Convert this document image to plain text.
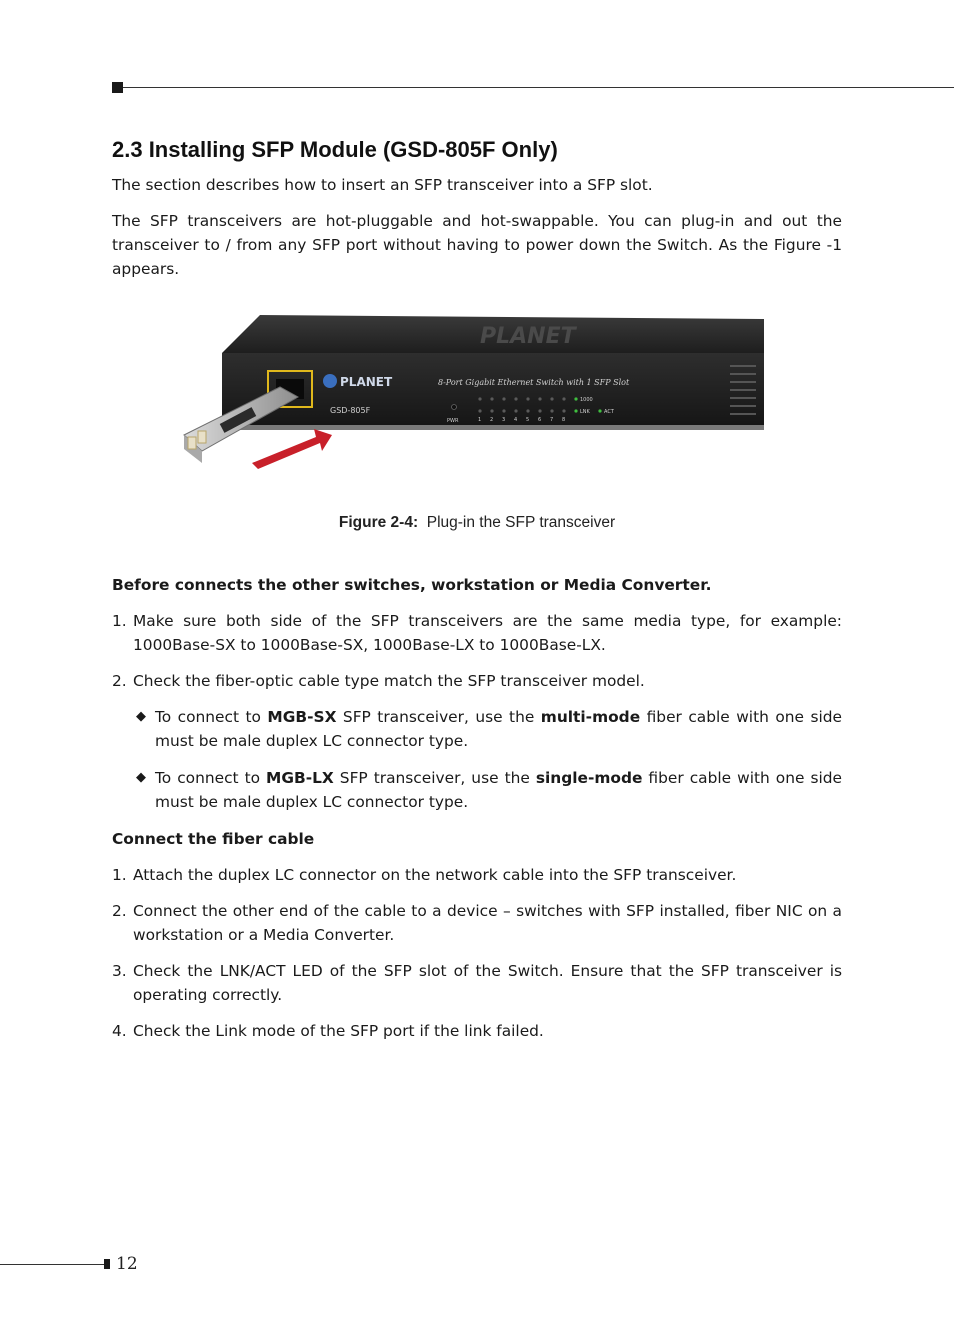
2.3 Installing SFP Module (GSD-805F Only)

The section describes how to insert an SFP transceiver into a SFP slot.

The SFP transceivers are hot-pluggable and hot-swappable. You can plug-in and out the transceiver to / from any SFP port without having to power down the Switch. As the Figure -1 appears.

PLANET
PLANET
GSD-805F
8-Port Gigabit Ethernet Switch with 1 SFP Slot
PWR
1000
LNK	ACT
1 2 3 4 5 6 7 8
Figure 2-4: Plug-in the SFP transceiver
Before connects the other switches, workstation or Media Converter.
1. Make sure both side of the SFP transceivers are the same media type, for example: 1000Base-SX to 1000Base-SX, 1000Base-LX to 1000Base-LX.
2. Check the fiber-optic cable type match the SFP transceiver model.
◆ To connect to MGB-SX SFP transceiver, use the multi-mode fiber cable with one side must be male duplex LC connector type.
◆ To connect to MGB-LX SFP transceiver, use the single-mode fiber cable with one side must be male duplex LC connector type.
Connect the fiber cable
1. Attach the duplex LC connector on the network cable into the SFP transceiver.
2. Connect the other end of the cable to a device – switches with SFP installed, fiber NIC on a workstation or a Media Converter.
3. Check the LNK/ACT LED of the SFP slot of the Switch. Ensure that the SFP transceiver is operating correctly.
4. Check the Link mode of the SFP port if the link failed.
12
